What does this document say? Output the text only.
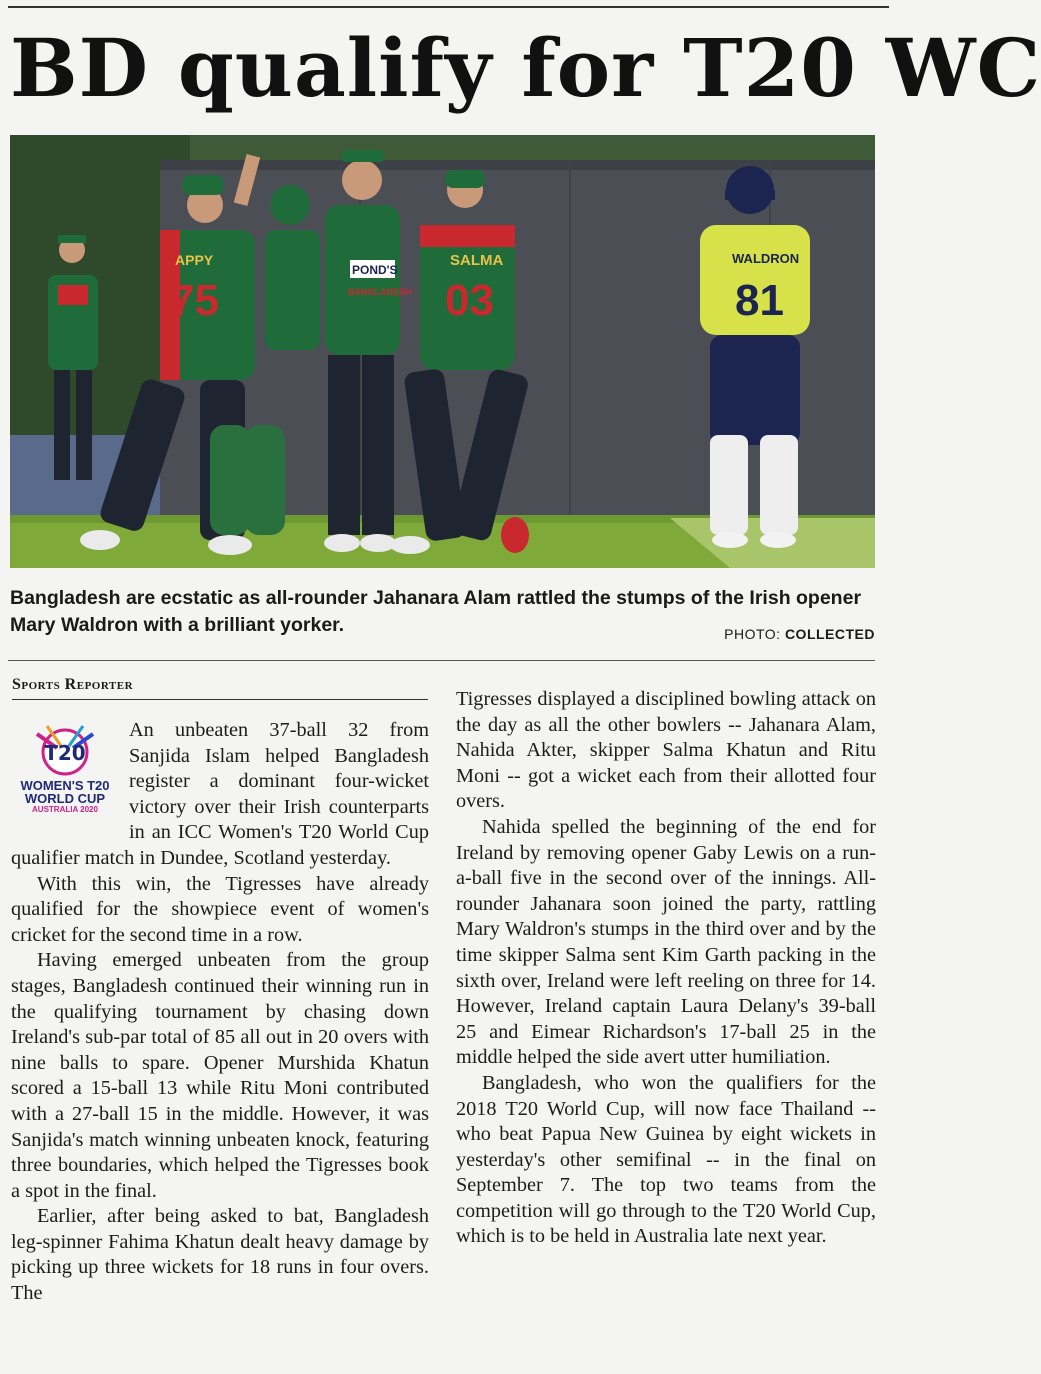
BD qualify for T20 WC
APPY
75
POND'S
BANGLADESH
SALMA
03
WALDRON
81
Bangladesh are ecstatic as all-rounder Jahanara Alam rattled the stumps of the Irish opener Mary Waldron with a brilliant yorker.	PHOTO: COLLECTED
Sports Reporter
T20
WOMEN'S T20
WORLD CUP
AUSTRALIA 2020

An unbeaten 37-ball 32 from Sanjida Islam helped Bangladesh register a dominant four-wicket victory over their Irish counterparts in an ICC Women's T20 World Cup qualifier match in Dundee, Scotland yesterday.

With this win, the Tigresses have already qualified for the showpiece event of women's cricket for the second time in a row.

Having emerged unbeaten from the group stages, Bangladesh continued their winning run in the qualifying tournament by chasing down Ireland's sub-par total of 85 all out in 20 overs with nine balls to spare. Opener Murshida Khatun scored a 15-ball 13 while Ritu Moni contributed with a 27-ball 15 in the middle. However, it was Sanjida's match winning unbeaten knock, featuring three boundaries, which helped the Tigresses book a spot in the final.

Earlier, after being asked to bat, Bangladesh leg-spinner Fahima Khatun dealt heavy damage by picking up three wickets for 18 runs in four overs. The

Tigresses displayed a disciplined bowling attack on the day as all the other bowlers -- Jahanara Alam, Nahida Akter, skipper Salma Khatun and Ritu Moni -- got a wicket each from their allotted four overs.

Nahida spelled the beginning of the end for Ireland by removing opener Gaby Lewis on a run-a-ball five in the second over of the innings. All-rounder Jahanara soon joined the party, rattling Mary Waldron's stumps in the third over and by the time skipper Salma sent Kim Garth packing in the sixth over, Ireland were left reeling on three for 14. However, Ireland captain Laura Delany's 39-ball 25 and Eimear Richardson's 17-ball 25 in the middle helped the side avert utter humiliation.

Bangladesh, who won the qualifiers for the 2018 T20 World Cup, will now face Thailand -- who beat Papua New Guinea by eight wickets in yesterday's other semifinal -- in the final on September 7. The top two teams from the competition will go through to the T20 World Cup, which is to be held in Australia late next year.
